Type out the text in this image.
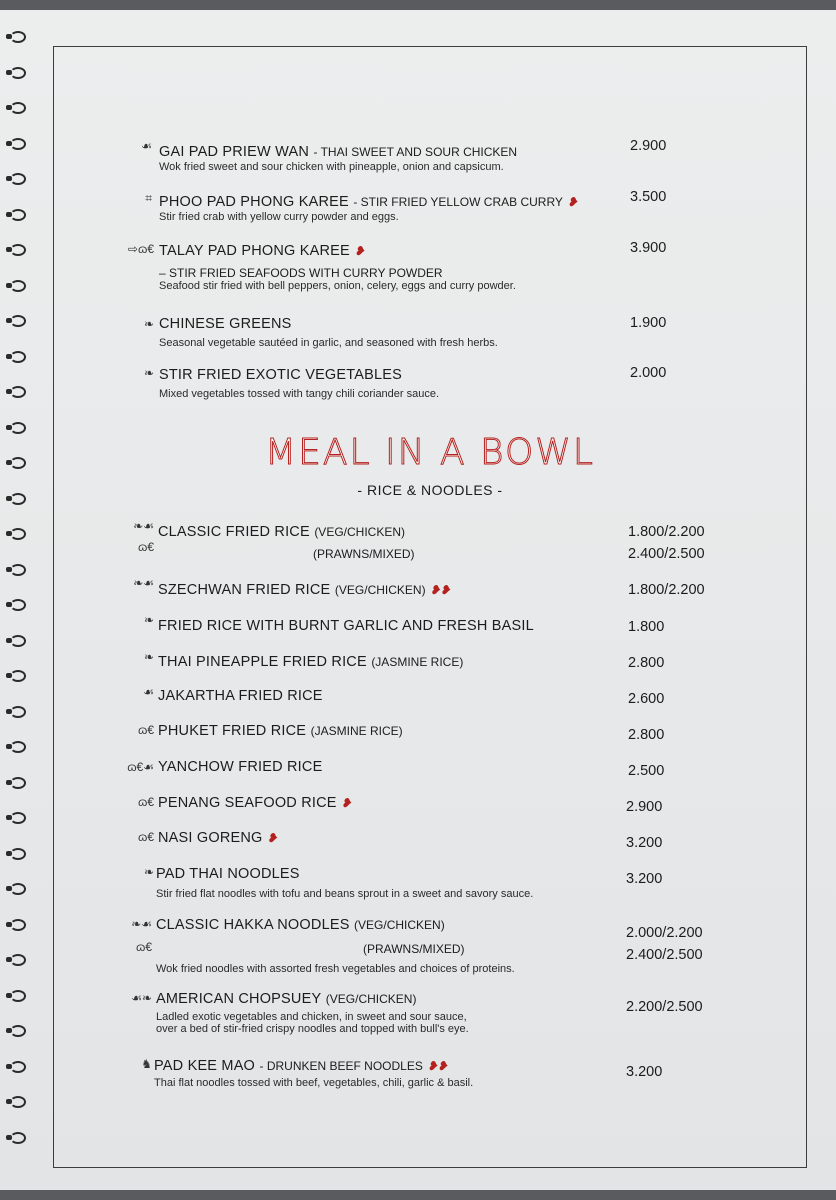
☙ GAI PAD PRIEW WAN - THAI SWEET AND SOUR CHICKEN
Wok fried sweet and sour chicken with pineapple, onion and capsicum.
2.900
⌗ PHOO PAD PHONG KAREE - STIR FRIED YELLOW CRAB CURRY ❥
Stir fried crab with yellow curry powder and eggs.
3.500
⇨ɷ€ TALAY PAD PHONG KAREE ❥
– STIR FRIED SEAFOODS WITH CURRY POWDER
Seafood stir fried with bell peppers, onion, celery, eggs and curry powder.
3.900
❧ CHINESE GREENS
Seasonal vegetable sautéed in garlic, and seasoned with fresh herbs.
1.900
❧ STIR FRIED EXOTIC VEGETABLES
Mixed vegetables tossed with tangy chili coriander sauce.
2.000
MEAL IN A BOWL
- RICE & NOODLES -
❧☙ CLASSIC FRIED RICE (VEG/CHICKEN)	1.800/2.200
ɷ€	(PRAWNS/MIXED)	2.400/2.500
❧☙ SZECHWAN FRIED RICE (VEG/CHICKEN) ❥❥	1.800/2.200
❧ FRIED RICE WITH BURNT GARLIC AND FRESH BASIL	1.800
❧ THAI PINEAPPLE FRIED RICE (JASMINE RICE)	2.800
☙ JAKARTHA FRIED RICE	2.600
ɷ€ PHUKET FRIED RICE (JASMINE RICE)	2.800
ɷ€☙ YANCHOW FRIED RICE	2.500
ɷ€ PENANG SEAFOOD RICE ❥	2.900
ɷ€ NASI GORENG ❥	3.200
❧ PAD THAI NOODLES
Stir fried flat noodles with tofu and beans sprout in a sweet and savory sauce.
3.200
❧☙ CLASSIC HAKKA NOODLES (VEG/CHICKEN)	2.000/2.200
ɷ€	(PRAWNS/MIXED)	2.400/2.500
Wok fried noodles with assorted fresh vegetables and choices of proteins.
☙❧ AMERICAN CHOPSUEY (VEG/CHICKEN)
Ladled exotic vegetables and chicken, in sweet and sour sauce,
over a bed of stir-fried crispy noodles and topped with bull's eye.
2.200/2.500
♞ PAD KEE MAO - DRUNKEN BEEF NOODLES ❥❥
Thai flat noodles tossed with beef, vegetables, chili, garlic & basil.
3.200
